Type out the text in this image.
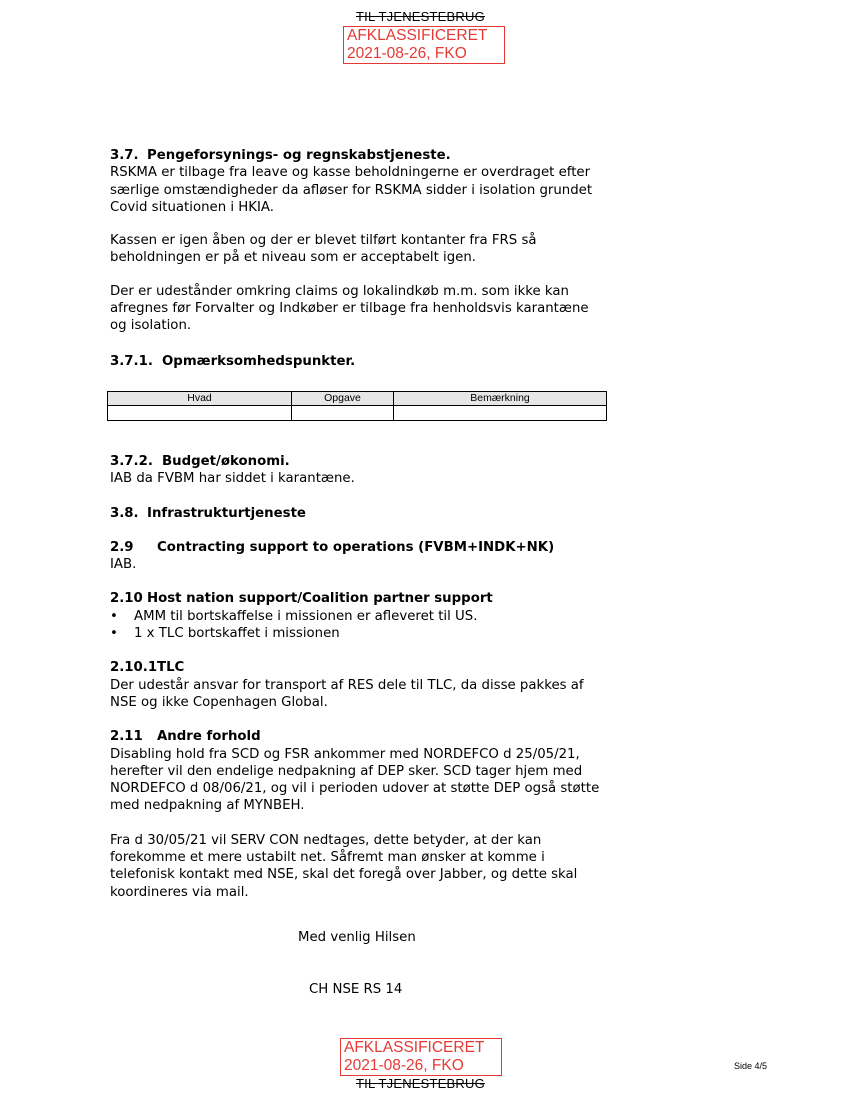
TIL TJENESTEBRUG
AFKLASSIFICERET
2021-08-26, FKO
3.7. Pengeforsynings- og regnskabstjeneste.
RSKMA er tilbage fra leave og kasse beholdningerne er overdraget efter
særlige omstændigheder da afløser for RSKMA sidder i isolation grundet
Covid situationen i HKIA.
Kassen er igen åben og der er blevet tilført kontanter fra FRS så
beholdningen er på et niveau som er acceptabelt igen.
Der er udestånder omkring claims og lokalindkøb m.m. som ikke kan
afregnes før Forvalter og Indkøber er tilbage fra henholdsvis karantæne
og isolation.
3.7.1. Opmærksomhedspunkter.
Hvad	Opgave	Bemærkning

3.7.2. Budget/økonomi.
IAB da FVBM har siddet i karantæne.
3.8. Infrastrukturtjeneste
2.9	Contracting support to operations (FVBM+INDK+NK)
IAB.
2.10 Host nation support/Coalition partner support
• AMM til bortskaffelse i missionen er afleveret til US.
• 1 x TLC bortskaffet i missionen
2.10.1 TLC
Der udestår ansvar for transport af RES dele til TLC, da disse pakkes af
NSE og ikke Copenhagen Global.
2.11	Andre forhold
Disabling hold fra SCD og FSR ankommer med NORDEFCO d 25/05/21,
herefter vil den endelige nedpakning af DEP sker. SCD tager hjem med
NORDEFCO d 08/06/21, og vil i perioden udover at støtte DEP også støtte
med nedpakning af MYNBEH.
Fra d 30/05/21 vil SERV CON nedtages, dette betyder, at der kan
forekomme et mere ustabilt net. Såfremt man ønsker at komme i
telefonisk kontakt med NSE, skal det foregå over Jabber, og dette skal
koordineres via mail.
Med venlig Hilsen
CH NSE RS 14
AFKLASSIFICERET
2021-08-26, FKO
TIL TJENESTEBRUG
Side 4/5
